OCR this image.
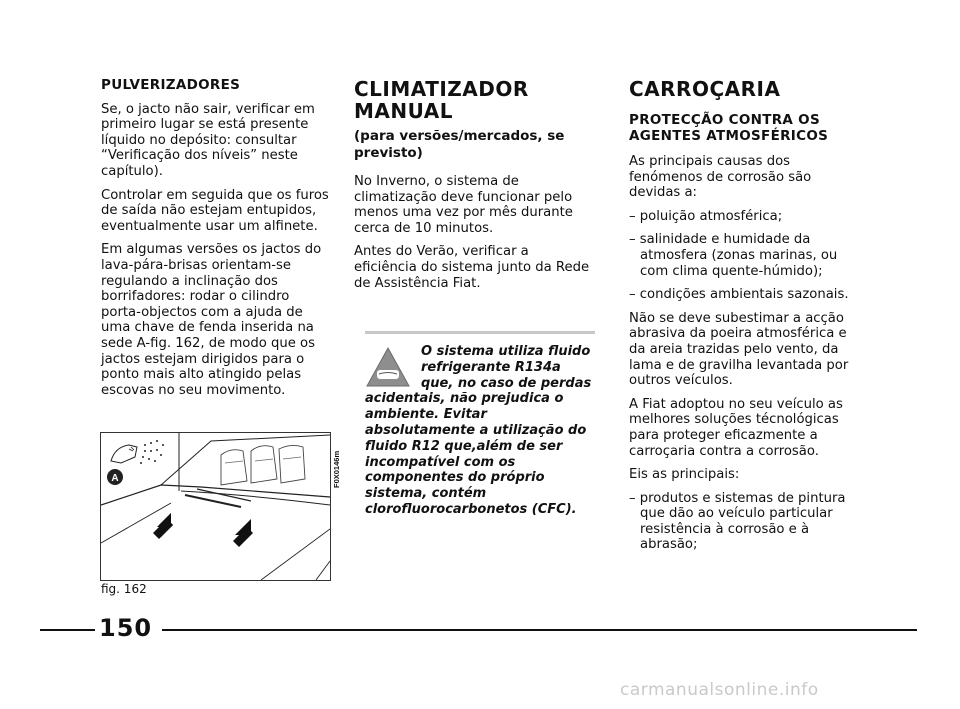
PULVERIZADORES

Se, o jacto não sair, verificar em primeiro lugar se está presente líquido no depósito: consultar “Verificação dos níveis” neste capítulo).

Controlar em seguida que os furos de saída não estejam entupidos, eventualmente usar um alfinete.

Em algumas versões os jactos do lava-pára-brisas orientam-se regulando a inclinação dos borrifadores: rodar o cilindro porta-objectos com a ajuda de uma chave de fenda inserida na sede A-fig. 162, de modo que os jactos estejam dirigidos para o ponto mais alto atingido pelas escovas no seu movimento.

A	F0X0146m
fig. 162
CLIMATIZADOR
MANUAL
(para versões/mercados, se previsto)

No Inverno, o sistema de climatização deve funcionar pelo menos uma vez por mês durante cerca de 10 minutos.

Antes do Verão, verificar a eficiência do sistema junto da Rede de Assistência Fiat.

O sistema utiliza fluido refrigerante R134a que, no caso de perdas acidentais, não prejudica o ambiente. Evitar absolutamente a utilização do fluido R12 que,além de ser incompatível com os componentes do próprio sistema, contém clorofluorocarbonetos (CFC).
CARROÇARIA
PROTECÇÃO CONTRA OS AGENTES ATMOSFÉRICOS

As principais causas dos fenómenos de corrosão são devidas a:

– poluição atmosférica;

– salinidade e humidade da atmosfera (zonas marinas, ou com clima quente-húmido);

– condições ambientais sazonais.

Não se deve subestimar a acção abrasiva da poeira atmosférica e da areia trazidas pelo vento, da lama e de gravilha levantada por outros veículos.

A Fiat adoptou no seu veículo as melhores soluções técnológicas para proteger eficazmente a carroçaria contra a corrosão.

Eis as principais:

– produtos e sistemas de pintura que dão ao veículo particular resistência à corrosão e à abrasão;

150
carmanualsonline.info
